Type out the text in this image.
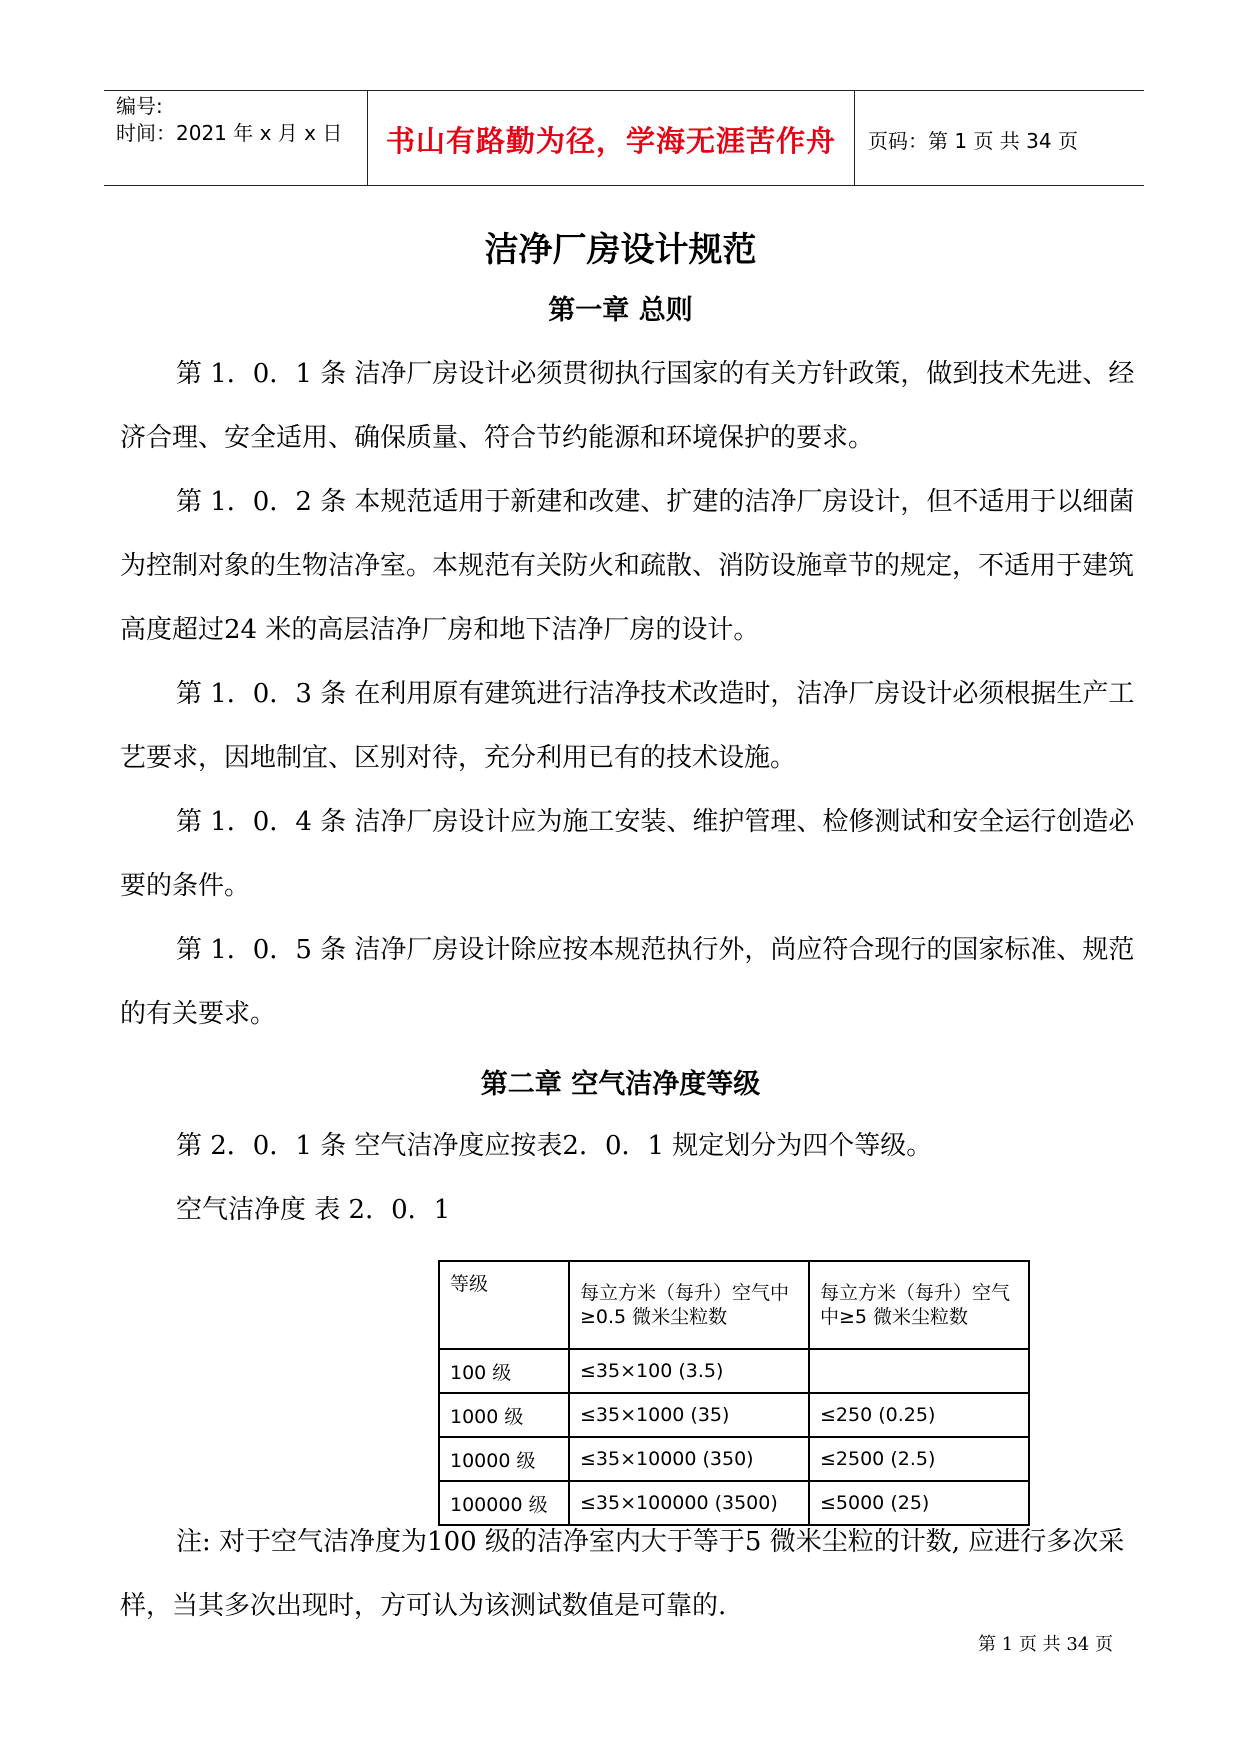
编号:
时间：2021 年 x 月 x 日	书山有路勤为径，学海无涯苦作舟	页码：第 1 页 共 34 页
洁净厂房设计规范
第一章 总则
第 1．0．1 条 洁净厂房设计必须贯彻执行国家的有关方针政策，做到技术先进、经济合理、安全适用、确保质量、符合节约能源和环境保护的要求。
第 1．0．2 条 本规范适用于新建和改建、扩建的洁净厂房设计，但不适用于以细菌为控制对象的生物洁净室。本规范有关防火和疏散、消防设施章节的规定，不适用于建筑高度超过24 米的高层洁净厂房和地下洁净厂房的设计。
第 1．0．3 条 在利用原有建筑进行洁净技术改造时，洁净厂房设计必须根据生产工艺要求，因地制宜、区别对待，充分利用已有的技术设施。
第 1．0．4 条 洁净厂房设计应为施工安装、维护管理、检修测试和安全运行创造必要的条件。
第 1．0．5 条 洁净厂房设计除应按本规范执行外，尚应符合现行的国家标准、规范的有关要求。
第二章 空气洁净度等级
第 2．0．1 条 空气洁净度应按表2．0．1 规定划分为四个等级。
空气洁净度 表 2．0．1
等级	每立方米（每升）空气中≥0.5 微米尘粒数	每立方米（每升）空气中≥5 微米尘粒数
100 级	≤35×100 (3.5)	
1000 级	≤35×1000 (35)	≤250 (0.25)
10000 级	≤35×10000 (350)	≤2500 (2.5)
100000 级	≤35×100000 (3500)	≤5000 (25)
注: 对于空气洁净度为100 级的洁净室内大于等于5 微米尘粒的计数, 应进行多次采样，当其多次出现时，方可认为该测试数值是可靠的.
第 1 页 共 34 页
